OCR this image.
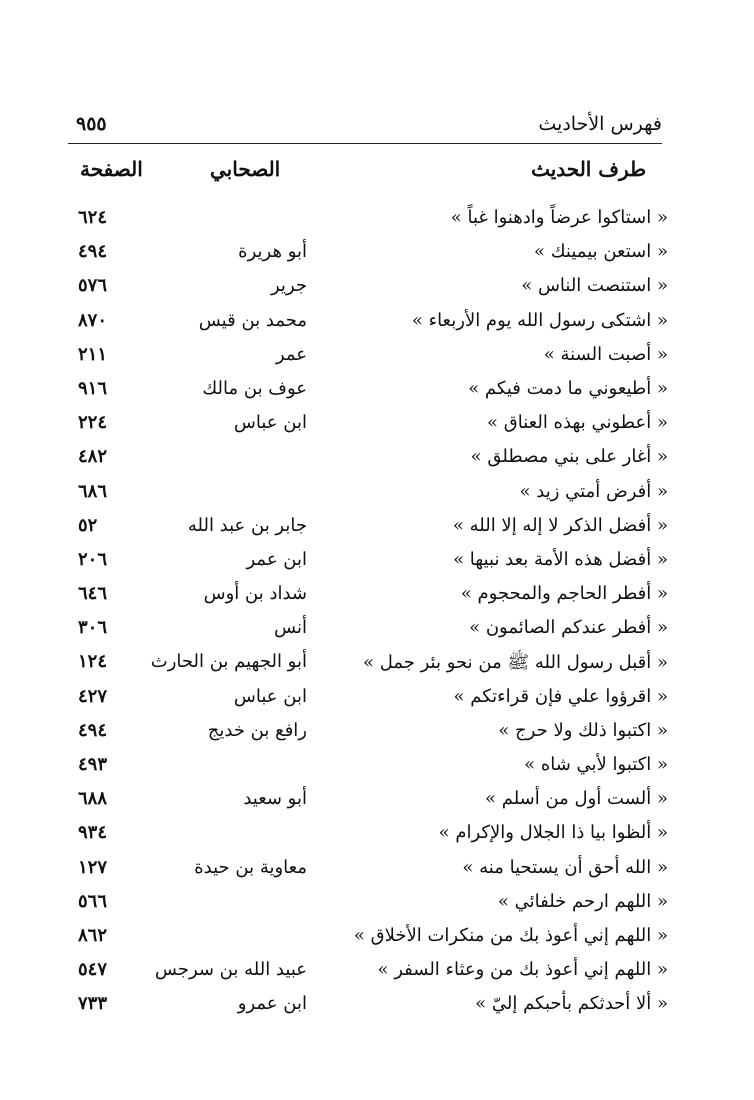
فهرس الأحاديث
٩٥٥
طرف الحديث
الصحابي
الصفحة
« استاكوا عرضاً وادهنوا غباً »
٦٢٤
« استعن بيمينك »
أبو هريرة
٤٩٤
« استنصت الناس »
جرير
٥٧٦
« اشتكى رسول الله يوم الأربعاء »
محمد بن قيس
٨٧٠
« أصبت السنة »
عمر
٢١١
« أطيعوني ما دمت فيكم »
عوف بن مالك
٩١٦
« أعطوني بهذه العناق »
ابن عباس
٢٢٤
« أغار على بني مصطلق »
٤٨٢
« أفرض أمتي زيد »
٦٨٦
« أفضل الذكر لا إله إلا الله »
جابر بن عبد الله
٥٢
« أفضل هذه الأمة بعد نبيها »
ابن عمر
٢٠٦
« أفطر الحاجم والمحجوم »
شداد بن أوس
٦٤٦
« أفطر عندكم الصائمون »
أنس
٣٠٦
« أقبل رسول الله ﷺ من نحو بئر جمل »
أبو الجهيم بن الحارث
١٢٤
« اقرؤوا علي فإن قراءتكم »
ابن عباس
٤٢٧
« اكتبوا ذلك ولا حرج »
رافع بن خديج
٤٩٤
« اكتبوا لأبي شاه »
٤٩٣
« ألست أول من أسلم »
أبو سعيد
٦٨٨
« ألظوا بيا ذا الجلال والإكرام »
٩٣٤
« الله أحق أن يستحيا منه »
معاوية بن حيدة
١٢٧
« اللهم ارحم خلفائي »
٥٦٦
« اللهم إني أعوذ بك من منكرات الأخلاق »
٨٦٢
« اللهم إني أعوذ بك من وعثاء السفر »
عبيد الله بن سرجس
٥٤٧
« ألا أحدثكم بأحبكم إليّ »
ابن عمرو
٧٣٣
